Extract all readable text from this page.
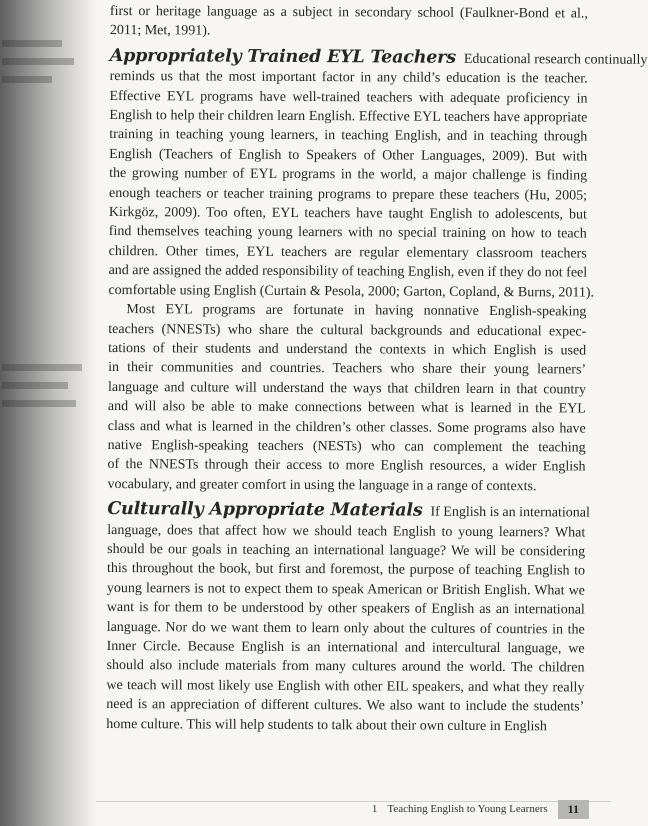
first or heritage language as a subject in secondary school (Faulkner-Bond et al.,
2011; Met, 1991).
Appropriately Trained EYL Teachers Educational research continually
reminds us that the most important factor in any child’s education is the teacher.
Effective EYL programs have well-trained teachers with adequate proficiency in
English to help their children learn English. Effective EYL teachers have appropriate
training in teaching young learners, in teaching English, and in teaching through
English (Teachers of English to Speakers of Other Languages, 2009). But with
the growing number of EYL programs in the world, a major challenge is finding
enough teachers or teacher training programs to prepare these teachers (Hu, 2005;
Kirkgöz, 2009). Too often, EYL teachers have taught English to adolescents, but
find themselves teaching young learners with no special training on how to teach
children. Other times, EYL teachers are regular elementary classroom teachers
and are assigned the added responsibility of teaching English, even if they do not feel
comfortable using English (Curtain & Pesola, 2000; Garton, Copland, & Burns, 2011).
Most EYL programs are fortunate in having nonnative English-speaking
teachers (NNESTs) who share the cultural backgrounds and educational expec-
tations of their students and understand the contexts in which English is used
in their communities and countries. Teachers who share their young learners’
language and culture will understand the ways that children learn in that country
and will also be able to make connections between what is learned in the EYL
class and what is learned in the children’s other classes. Some programs also have
native English-speaking teachers (NESTs) who can complement the teaching
of the NNESTs through their access to more English resources, a wider English
vocabulary, and greater comfort in using the language in a range of contexts.
Culturally Appropriate Materials If English is an international
language, does that affect how we should teach English to young learners? What
should be our goals in teaching an international language? We will be considering
this throughout the book, but first and foremost, the purpose of teaching English to
young learners is not to expect them to speak American or British English. What we
want is for them to be understood by other speakers of English as an international
language. Nor do we want them to learn only about the cultures of countries in the
Inner Circle. Because English is an international and intercultural language, we
should also include materials from many cultures around the world. The children
we teach will most likely use English with other EIL speakers, and what they really
need is an appreciation of different cultures. We also want to include the students’
home culture. This will help students to talk about their own culture in English
1 Teaching English to Young Learners	11
